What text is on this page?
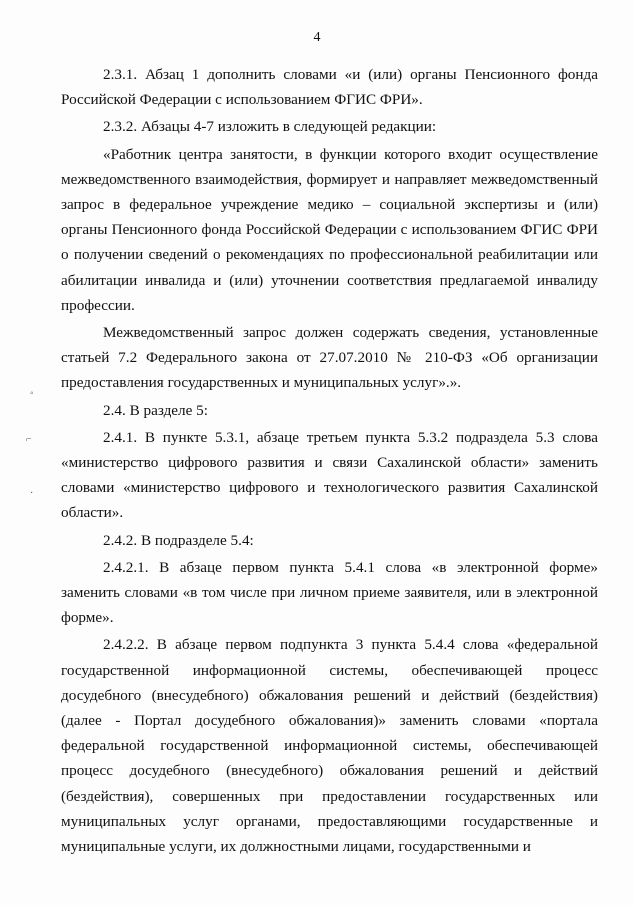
4
◦
⌐
·

2.3.1. Абзац 1 дополнить словами «и (или) органы Пенсионного фонда Российской Федерации с использованием ФГИС ФРИ».

2.3.2. Абзацы 4-7 изложить в следующей редакции:

«Работник центра занятости, в функции которого входит осуществление межведомственного взаимодействия, формирует и направляет межведомственный запрос в федеральное учреждение медико – социальной экспертизы и (или) органы Пенсионного фонда Российской Федерации с использованием ФГИС ФРИ о получении сведений о рекомендациях по профессиональной реабилитации или абилитации инвалида и (или) уточнении соответствия предлагаемой инвалиду профессии.

Межведомственный запрос должен содержать сведения, установленные статьей 7.2 Федерального закона от 27.07.2010 № 210-ФЗ «Об организации предоставления государственных и муниципальных услуг».».

2.4. В разделе 5:

2.4.1. В пункте 5.3.1, абзаце третьем пункта 5.3.2 подраздела 5.3 слова «министерство цифрового развития и связи Сахалинской области» заменить словами «министерство цифрового и технологического развития Сахалинской области».

2.4.2. В подразделе 5.4:

2.4.2.1. В абзаце первом пункта 5.4.1 слова «в электронной форме» заменить словами «в том числе при личном приеме заявителя, или в электронной форме».

2.4.2.2. В абзаце первом подпункта 3 пункта 5.4.4 слова «федеральной государственной информационной системы, обеспечивающей процесс досудебного (внесудебного) обжалования решений и действий (бездействия) (далее - Портал досудебного обжалования)» заменить словами «портала федеральной государственной информационной системы, обеспечивающей процесс досудебного (внесудебного) обжалования решений и действий (бездействия), совершенных при предоставлении государственных или муниципальных услуг органами, предоставляющими государственные и муниципальные услуги, их должностными лицами, государственными и
